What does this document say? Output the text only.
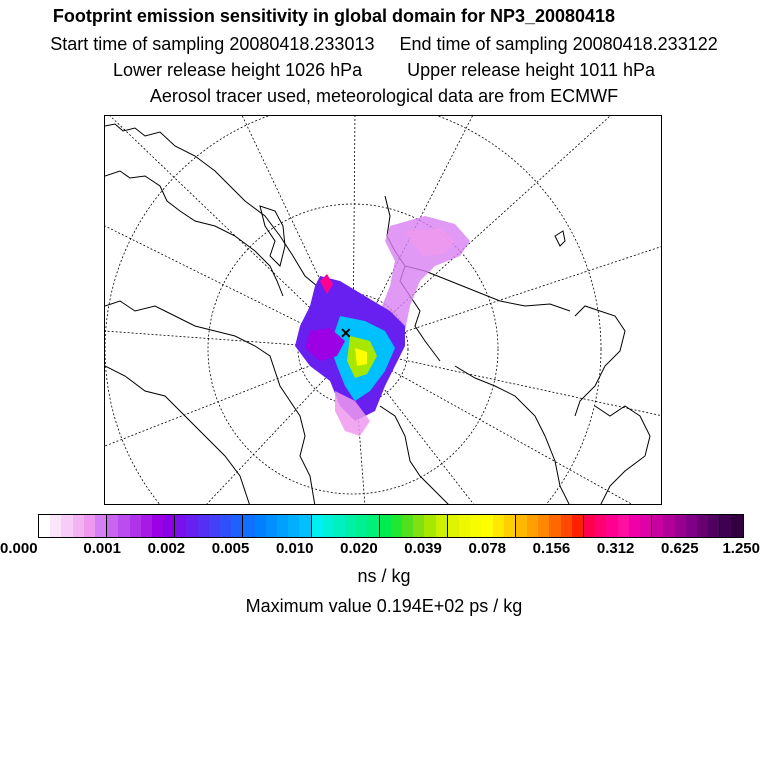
Footprint emission sensitivity in global domain for NP3_20080418
Start time of sampling 20080418.233013 End time of sampling 20080418.233122
Lower release height 1026 hPa	Upper release height 1011 hPa
Aerosol tracer used, meteorological data are from ECMWF
✕
0.000	0.001 0.002 0.005 0.010 0.020 0.039 0.078 0.156 0.312 0.625 1.250
ns / kg
Maximum value 0.194E+02 ps / kg
